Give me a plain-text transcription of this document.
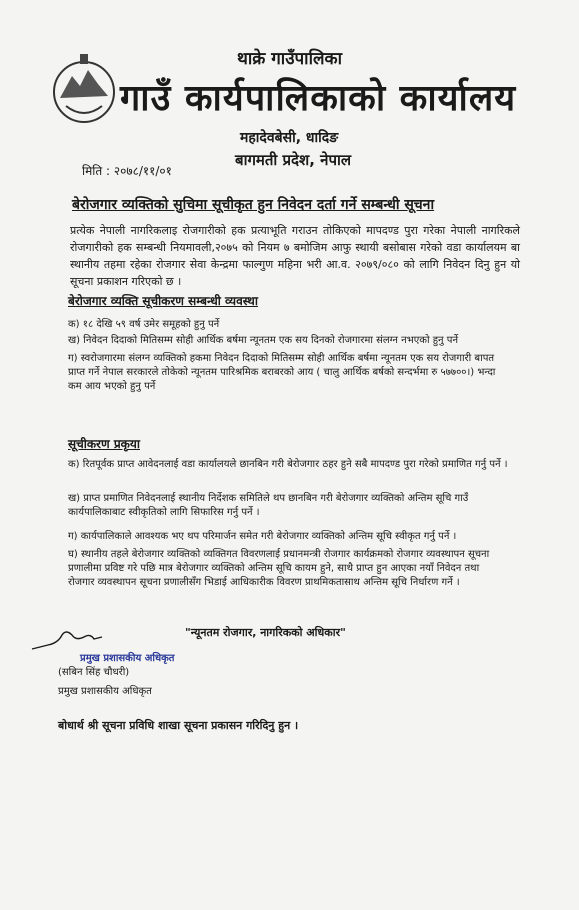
थाक्रे गाउँपालिका
गाउँ कार्यपालिकाको कार्यालय
महादेवबेसी, धादिङ
बागमती प्रदेश, नेपाल
मिति : २०७८/११/०१
बेरोजगार व्यक्तिको सुचिमा सूचीकृत हुन निवेदन दर्ता गर्ने सम्बन्धी सूचना
प्रत्येक नेपाली नागरिकलाइ रोजगारीको हक प्रत्याभूति गराउन तोकिएको मापदण्ड पुरा गरेका नेपाली नागरिकले रोजगारीको हक सम्बन्धी नियमावली,२०७५ को नियम ७ बमोजिम आफु स्थायी बसोबास गरेको वडा कार्यालयम बा स्थानीय तहमा रहेका रोजगार सेवा केन्द्रमा फाल्गुण महिना भरी आ.व. २०७९/०८० को लागि निवेदन दिनु हुन यो सूचना प्रकाशन गरिएको छ ।
बेरोजगार व्यक्ति सूचीकरण सम्बन्धी व्यवस्था
क) १८ देखि ५९ वर्ष उमेर समूहको हुनु पर्ने
ख) निवेदन दिदाको मितिसम्म सोही आर्थिक बर्षमा न्यूनतम एक सय दिनको रोजगारमा संलग्न नभएको हुनु पर्ने
ग) स्वरोजगारमा संलग्न व्यक्तिको हकमा निवेदन दिदाको मितिसम्म सोही आर्थिक बर्षमा न्यूनतम एक सय रोजगारी बापत प्राप्त गर्ने नेपाल सरकारले तोकेको न्यूनतम पारिश्रमिक बराबरको आय ( चालु आर्थिक बर्षको सन्दर्भमा रु ५७७००।) भन्दा कम आय भएको हुनु पर्ने
सूचीकरण प्रकृया
क) रितपूर्वक प्राप्त आवेदनलाई वडा कार्यालयले छानबिन गरी बेरोजगार ठहर हुने सबै मापदण्ड पुरा गरेको प्रमाणित गर्नु पर्ने ।
ख) प्राप्त प्रमाणित निवेदनलाई स्थानीय निर्देशक समितिले थप छानबिन गरी बेरोजगार व्यक्तिको अन्तिम सूचि गाउँ कार्यपालिकाबाट स्वीकृतिको लागि सिफारिस गर्नु पर्ने ।
ग) कार्यपालिकाले आवश्यक भए थप परिमार्जन समेत गरी बेरोजगार व्यक्तिको अन्तिम सूचि स्वीकृत गर्नु पर्ने ।
घ) स्थानीय तहले बेरोजगार व्यक्तिको व्यक्तिगत विवरणलाई प्रधानमन्त्री रोजगार कार्यक्रमको रोजगार व्यवस्थापन सूचना प्रणालीमा प्रविष्ट गरे पछि मात्र बेरोजगार व्यक्तिको अन्तिम सूचि कायम हुने, साथै प्राप्त हुन आएका नयाँ निवेदन तथा रोजगार व्यवस्थापन सूचना प्रणालीसँग भिडाई आधिकारीक विवरण प्राथमिकतासाथ अन्तिम सूचि निर्धारण गर्ने ।
"न्यूनतम रोजगार, नागरिकको अधिकार"
प्रमुख प्रशासकीय अधिकृत
(सबिन सिंह चौधरी)
प्रमुख प्रशासकीय अधिकृत
बोधार्थ श्री सूचना प्रविधि शाखा सूचना प्रकासन गरिदिनु हुन ।
